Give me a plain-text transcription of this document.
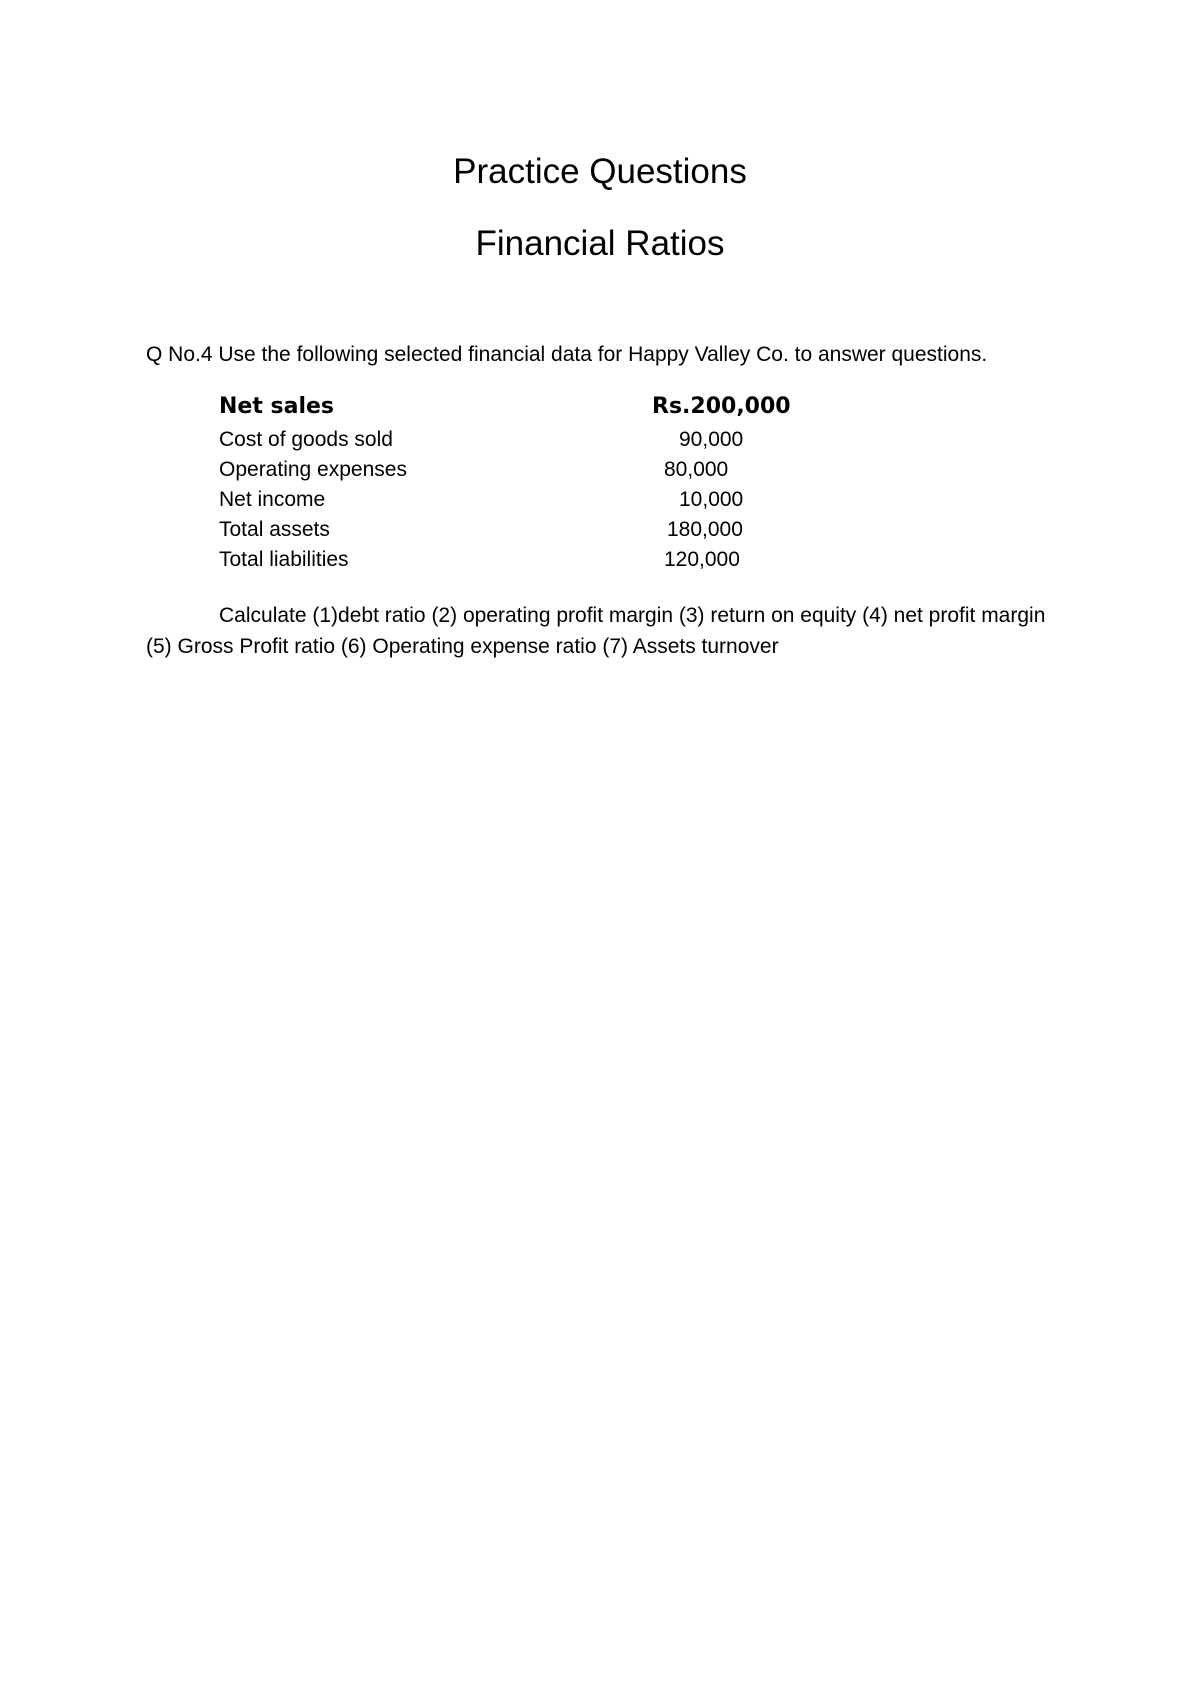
Practice Questions
Financial Ratios
Q No.4 Use the following selected financial data for Happy Valley Co. to answer questions.
Net sales	Rs.200,000
Cost of goods sold	90,000
Operating expenses	80,000
Net income	10,000
Total assets	180,000
Total liabilities	120,000
Calculate (1)debt ratio (2) operating profit margin (3) return on equity (4) net profit margin (5) Gross Profit ratio (6) Operating expense ratio (7) Assets turnover
